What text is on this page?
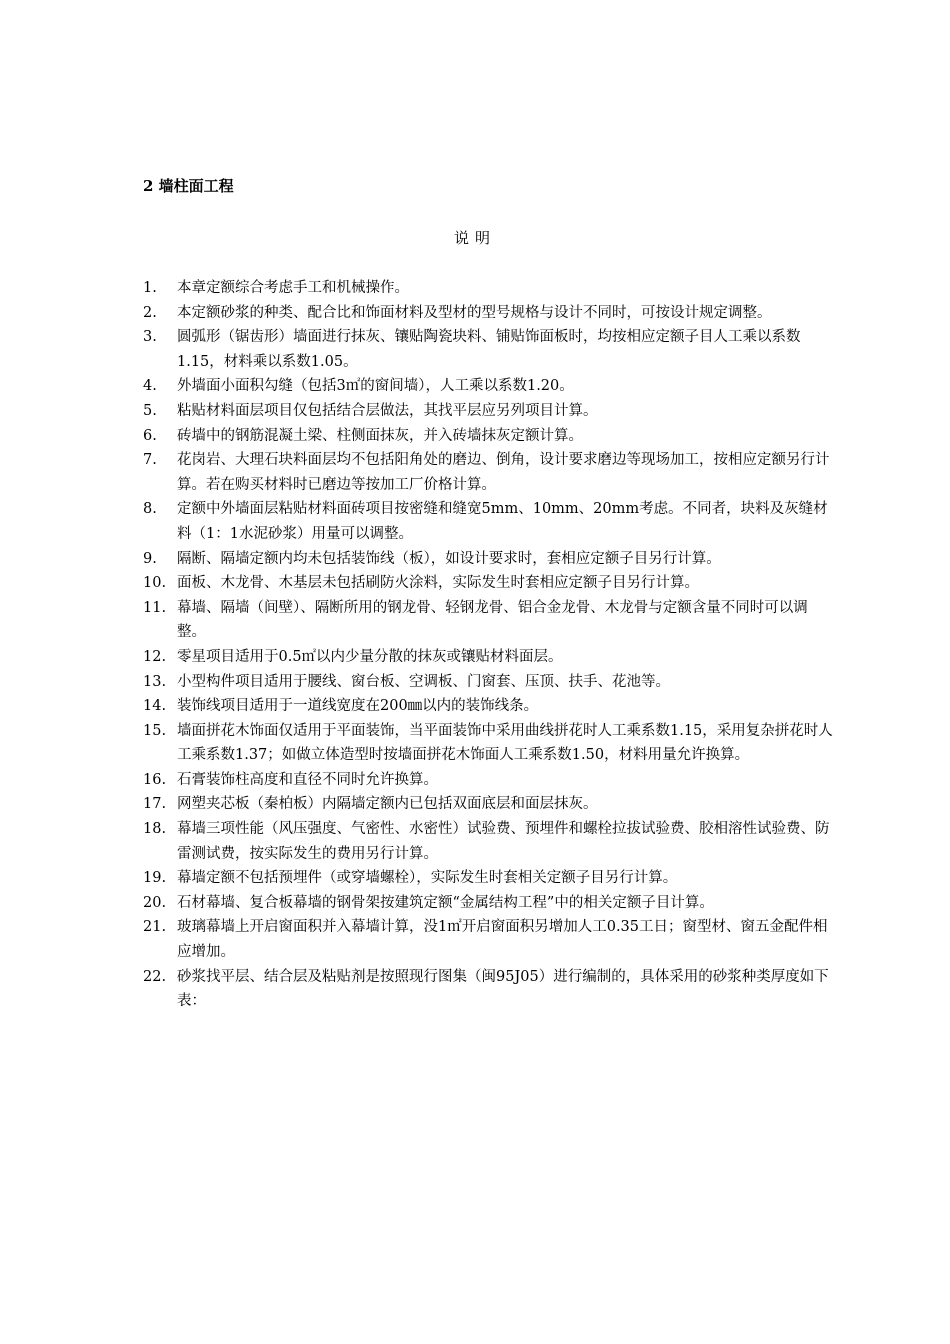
2 墙柱面工程
说明
1. 本章定额综合考虑手工和机械操作。
2. 本定额砂浆的种类、配合比和饰面材料及型材的型号规格与设计不同时，可按设计规定调整。
3. 圆弧形（锯齿形）墙面进行抹灰、镶贴陶瓷块料、铺贴饰面板时，均按相应定额子目人工乘以系数1.15，材料乘以系数1.05。
4. 外墙面小面积勾缝（包括3㎡的窗间墙），人工乘以系数1.20。
5. 粘贴材料面层项目仅包括结合层做法，其找平层应另列项目计算。
6. 砖墙中的钢筋混凝土梁、柱侧面抹灰，并入砖墙抹灰定额计算。
7. 花岗岩、大理石块料面层均不包括阳角处的磨边、倒角，设计要求磨边等现场加工，按相应定额另行计算。若在购买材料时已磨边等按加工厂价格计算。
8. 定额中外墙面层粘贴材料面砖项目按密缝和缝宽5mm、10mm、20mm考虑。不同者，块料及灰缝材料（1：1水泥砂浆）用量可以调整。
9. 隔断、隔墙定额内均未包括装饰线（板），如设计要求时，套相应定额子目另行计算。
10. 面板、木龙骨、木基层未包括刷防火涂料，实际发生时套相应定额子目另行计算。
11. 幕墙、隔墙（间壁）、隔断所用的钢龙骨、轻钢龙骨、铝合金龙骨、木龙骨与定额含量不同时可以调整。
12. 零星项目适用于0.5㎡以内少量分散的抹灰或镶贴材料面层。
13. 小型构件项目适用于腰线、窗台板、空调板、门窗套、压顶、扶手、花池等。
14. 装饰线项目适用于一道线宽度在200㎜以内的装饰线条。
15. 墙面拼花木饰面仅适用于平面装饰，当平面装饰中采用曲线拼花时人工乘系数1.15，采用复杂拼花时人工乘系数1.37；如做立体造型时按墙面拼花木饰面人工乘系数1.50，材料用量允许换算。
16. 石膏装饰柱高度和直径不同时允许换算。
17. 网塑夹芯板（秦柏板）内隔墙定额内已包括双面底层和面层抹灰。
18. 幕墙三项性能（风压强度、气密性、水密性）试验费、预埋件和螺栓拉拔试验费、胶相溶性试验费、防雷测试费，按实际发生的费用另行计算。
19. 幕墙定额不包括预埋件（或穿墙螺栓），实际发生时套相关定额子目另行计算。
20. 石材幕墙、复合板幕墙的钢骨架按建筑定额“金属结构工程”中的相关定额子目计算。
21. 玻璃幕墙上开启窗面积并入幕墙计算，没1㎡开启窗面积另增加人工0.35工日；窗型材、窗五金配件相应增加。
22. 砂浆找平层、结合层及粘贴剂是按照现行图集（闽95J05）进行编制的，具体采用的砂浆种类厚度如下表：
